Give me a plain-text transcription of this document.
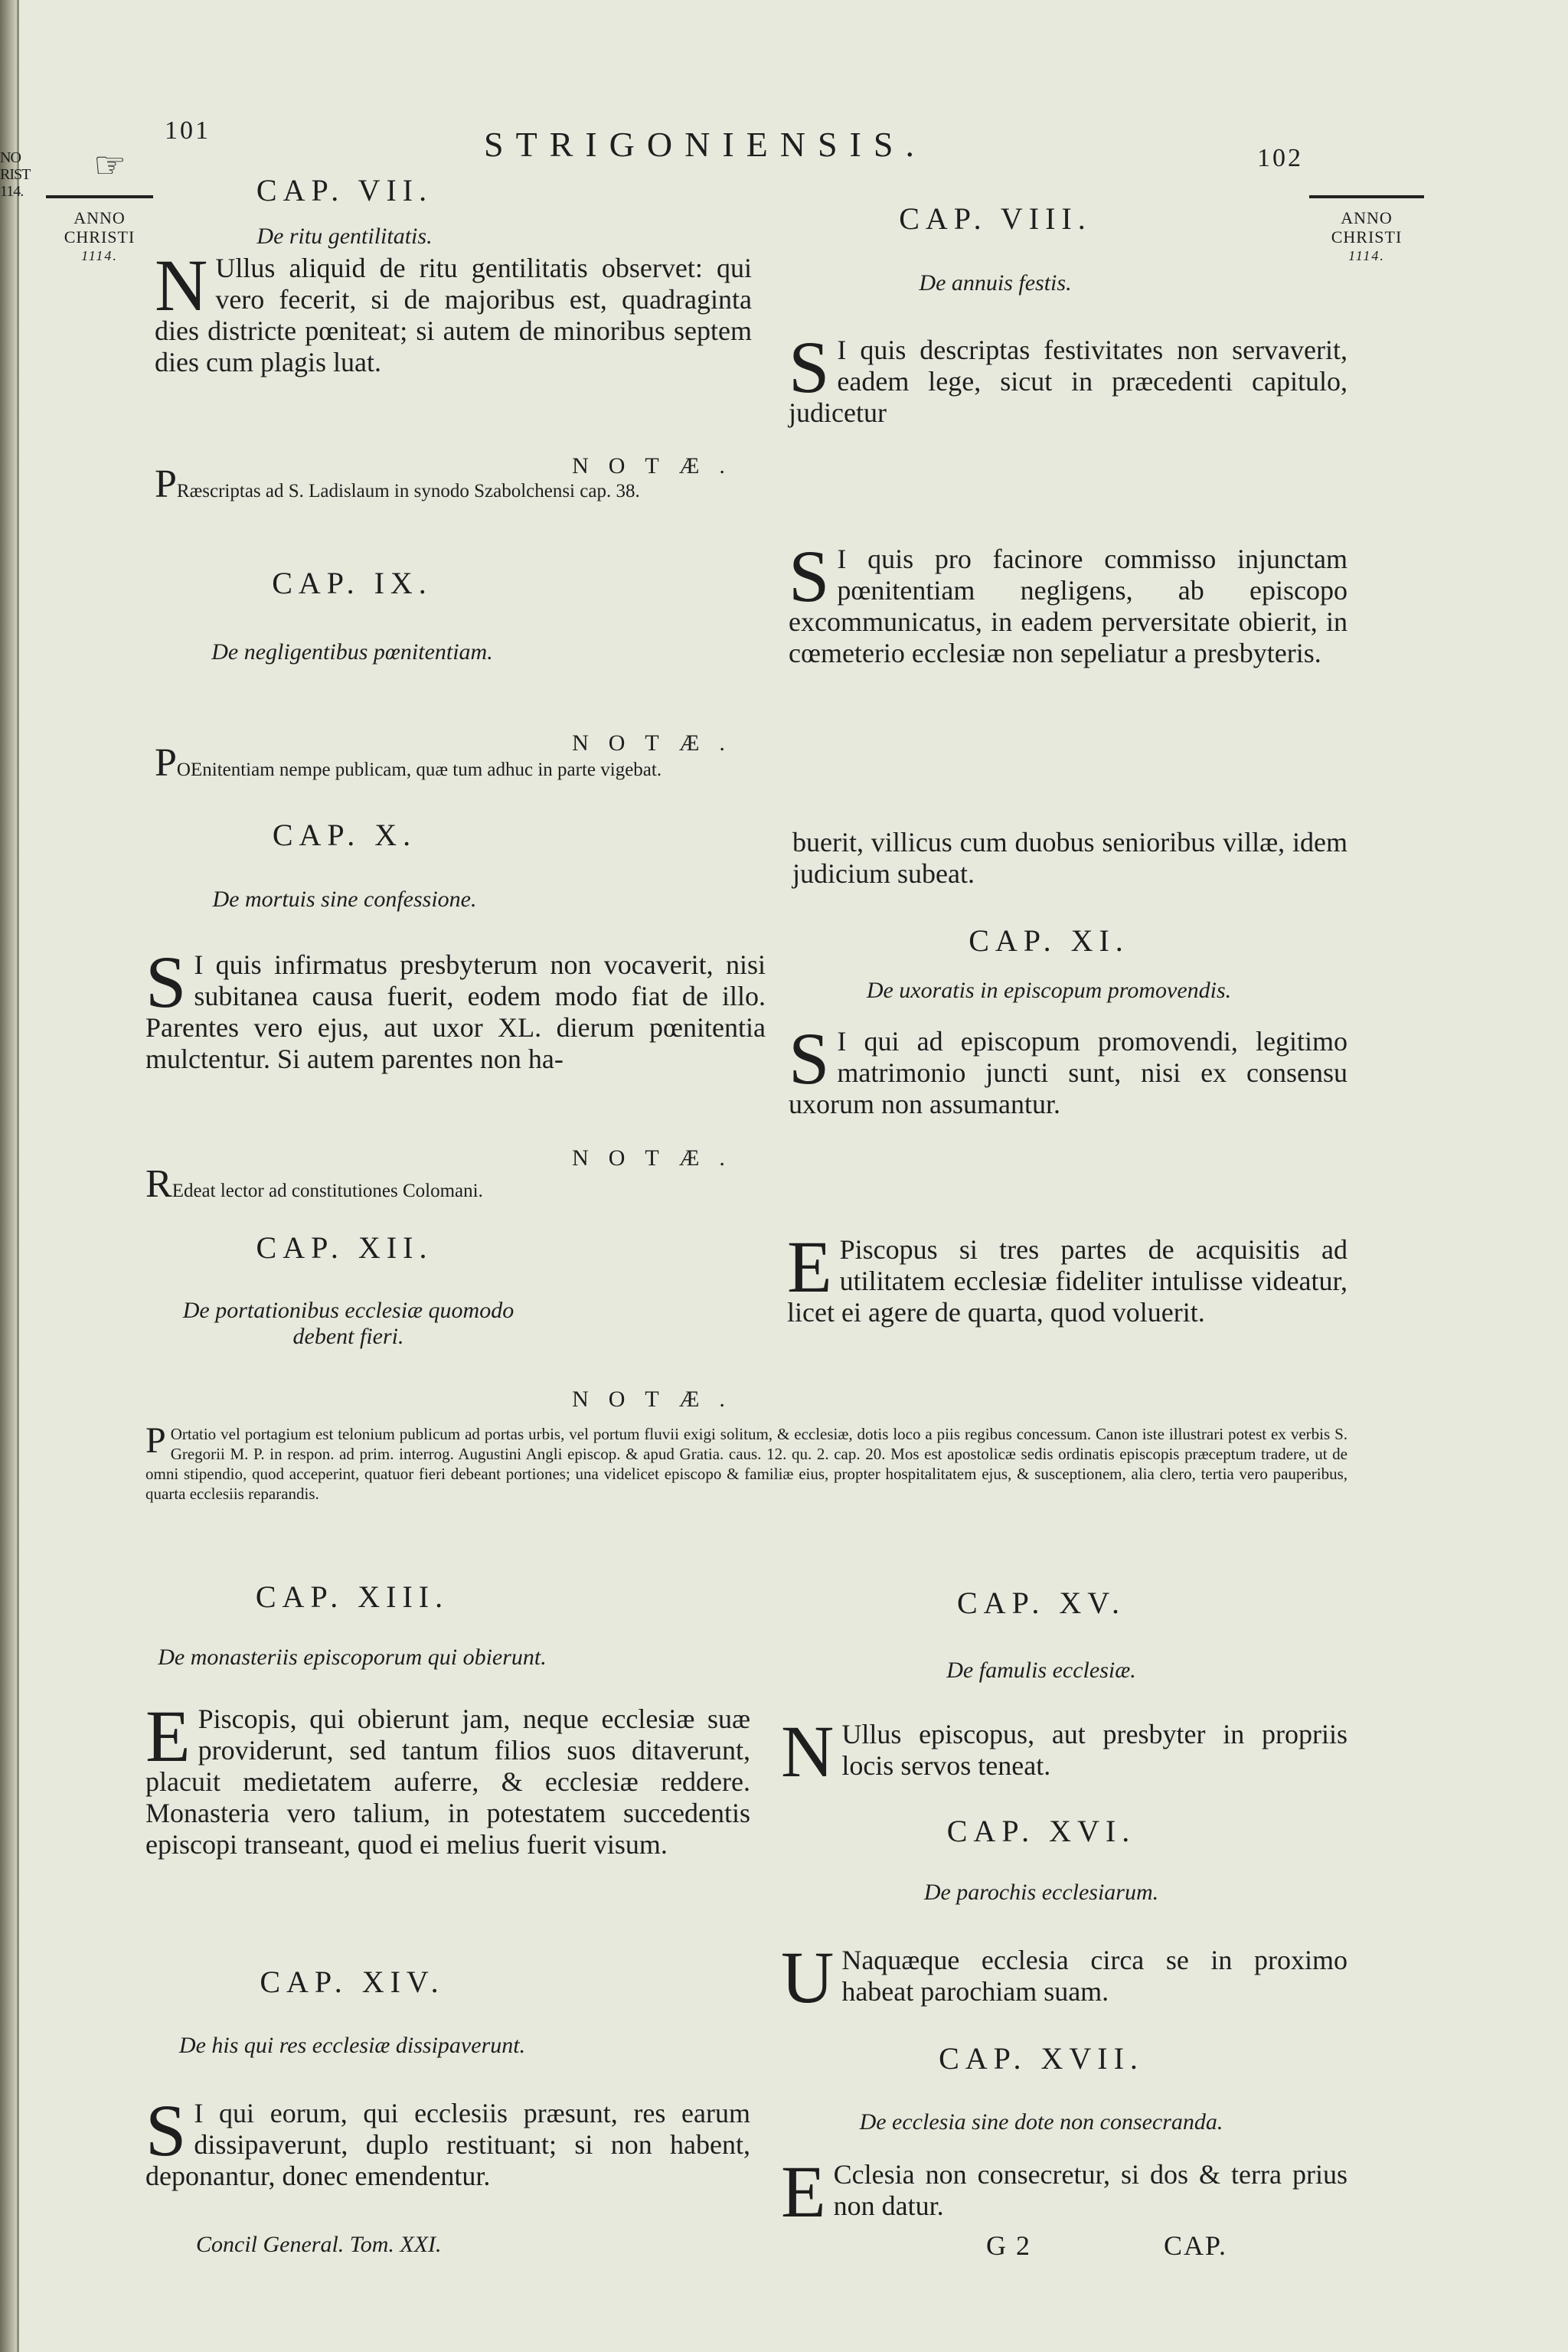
NO RIST 114.
101	STRIGONIENSIS.	102
☞
ANNO
CHRISTI
1114.
ANNO
CHRISTI
1114.
CAP. VII.
De ritu gentilitatis.
N Ullus aliquid de ritu gentilitatis observet: qui vero fecerit, si de majoribus est, quadraginta dies districte pœniteat; si autem de minoribus septem dies cum plagis luat.
CAP. VIII.
De annuis festis.
S I quis descriptas festivitates non servaverit, eadem lege, sicut in præcedenti capitulo, judicetur
NOTÆ.
PRæscriptas ad S. Ladislaum in synodo Szabolchensi cap. 38.
CAP. IX.
De negligentibus pœnitentiam.
S I quis pro facinore commisso injunctam pœnitentiam negligens, ab episcopo excommunicatus, in eadem perversitate obierit, in cœmeterio ecclesiæ non sepeliatur a presbyteris.
NOTÆ.
POEnitentiam nempe publicam, quæ tum adhuc in parte vigebat.
CAP. X.
De mortuis sine confessione.
S I quis infirmatus presbyterum non vocaverit, nisi subitanea causa fuerit, eodem modo fiat de illo. Parentes vero ejus, aut uxor XL. dierum pœnitentia mulctentur. Si autem parentes non ha-
buerit, villicus cum duobus senioribus villæ, idem judicium subeat.
CAP. XI.
De uxoratis in episcopum promovendis.
S I qui ad episcopum promovendi, legitimo matrimonio juncti sunt, nisi ex consensu uxorum non assumantur.
NOTÆ.
REdeat lector ad constitutiones Colomani.
CAP. XII.
De portationibus ecclesiæ quomodo debent fieri.
E Piscopus si tres partes de acquisitis ad utilitatem ecclesiæ fideliter intulisse videatur, licet ei agere de quarta, quod voluerit.
NOTÆ.
P Ortatio vel portagium est telonium publicum ad portas urbis, vel portum fluvii exigi solitum, & ecclesiæ, dotis loco a piis regibus concessum. Canon iste illustrari potest ex verbis S. Gregorii M. P. in respon. ad prim. interrog. Augustini Angli episcop. & apud Gratia. caus. 12. qu. 2. cap. 20. Mos est apostolicæ sedis ordinatis episcopis præceptum tradere, ut de omni stipendio, quod acceperint, quatuor fieri debeant portiones; una videlicet episcopo & familiæ eius, propter hospitalitatem ejus, & susceptionem, alia clero, tertia vero pauperibus, quarta ecclesiis reparandis.
CAP. XIII.
De monasteriis episcoporum qui obierunt.
E Piscopis, qui obierunt jam, neque ecclesiæ suæ providerunt, sed tantum filios suos ditaverunt, placuit medietatem auferre, & ecclesiæ reddere. Monasteria vero talium, in potestatem succedentis episcopi transeant, quod ei melius fuerit visum.
CAP. XIV.
De his qui res ecclesiæ dissipaverunt.
S I qui eorum, qui ecclesiis præsunt, res earum dissipaverunt, duplo restituant; si non habent, deponantur, donec emendentur.
CAP. XV.
De famulis ecclesiæ.
N Ullus episcopus, aut presbyter in propriis locis servos teneat.
CAP. XVI.
De parochis ecclesiarum.
U Naquæque ecclesia circa se in proximo habeat parochiam suam.
CAP. XVII.
De ecclesia sine dote non consecranda.
E Cclesia non consecretur, si dos & terra prius non datur.
Concil General. Tom. XXI.	G 2	CAP.
